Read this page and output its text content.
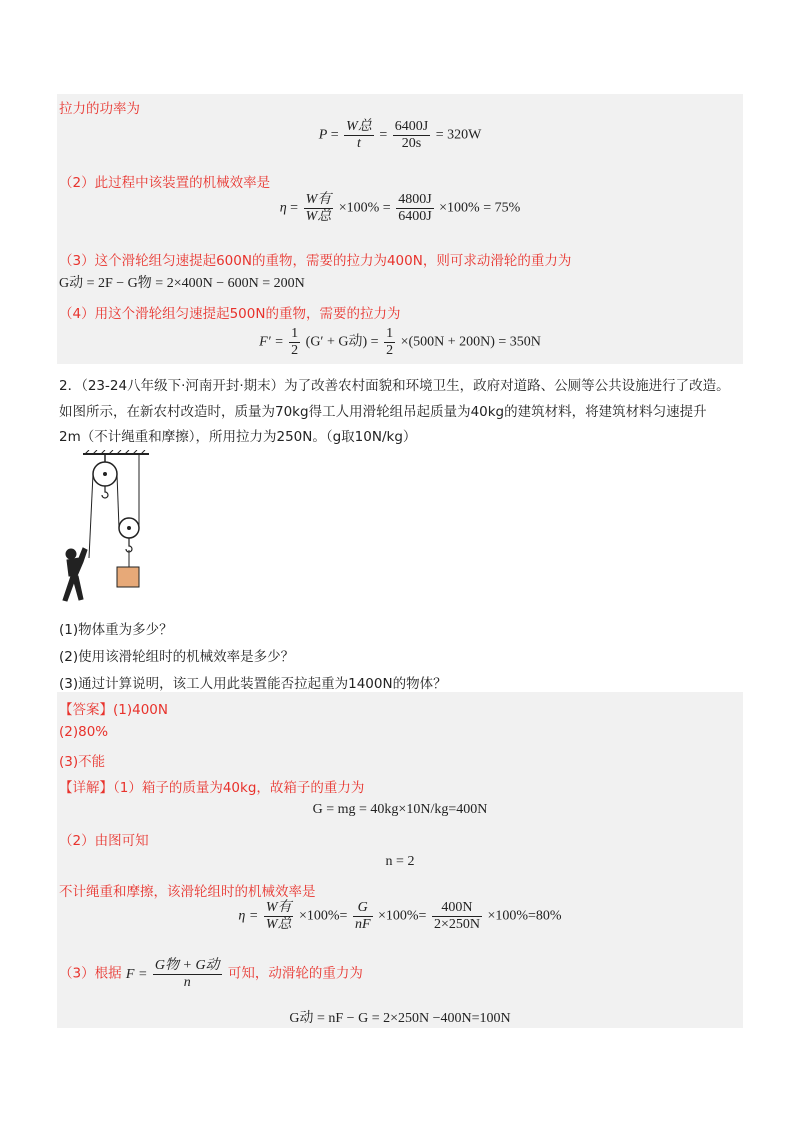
拉力的功率为
$P = \frac{\text{W总}}{t} = \frac{6400J}{20s} = 320W$
（2）此过程中该装置的机械效率是
$\eta = \frac{\text{W有}}{\text{W总}} \times 100\% = \frac{4800J}{6400J} \times 100\% = 75\%$
（3）这个滑轮组匀速提起600N的重物，需要的拉力为400N，则可求动滑轮的重力为
G动 = 2F − G物 = 2×400N − 600N = 200N
（4）用这个滑轮组匀速提起500N的重物，需要的拉力为
$F' = \frac{1}{2} (G' + G$动) = $\frac{1}{2} \times(500N + 200N) = 350N$
2．（23-24八年级下·河南开封·期末）为了改善农村面貌和环境卫生，政府对道路、公厕等公共设施进行了改造。
如图所示，在新农村改造时，质量为70kg得工人用滑轮组吊起质量为40kg的建筑材料，将建筑材料匀速提升
2m（不计绳重和摩擦），所用拉力为250N。（g取10N/kg）
(1)物体重为多少？
(2)使用该滑轮组时的机械效率是多少？
(3)通过计算说明，该工人用此装置能否拉起重为1400N的物体？
【答案】(1)400N
(2)80%
(3)不能
【详解】（1）箱子的质量为40kg，故箱子的重力为
G = mg = 40kg×10N/kg=400N
（2）由图可知
n = 2
不计绳重和摩擦，该滑轮组时的机械效率是
$\eta = \frac{\text{W有}}{\text{W总}} \times 100\%= \frac{G}{nF} \times 100\%= \frac{400N}{2\times 250N} \times 100\%=80\%$
（3）根据 $F = \frac{\text{G物 + G动}}{n}$ 可知，动滑轮的重力为
G动 = nF − G = 2×250N −400N=100N
